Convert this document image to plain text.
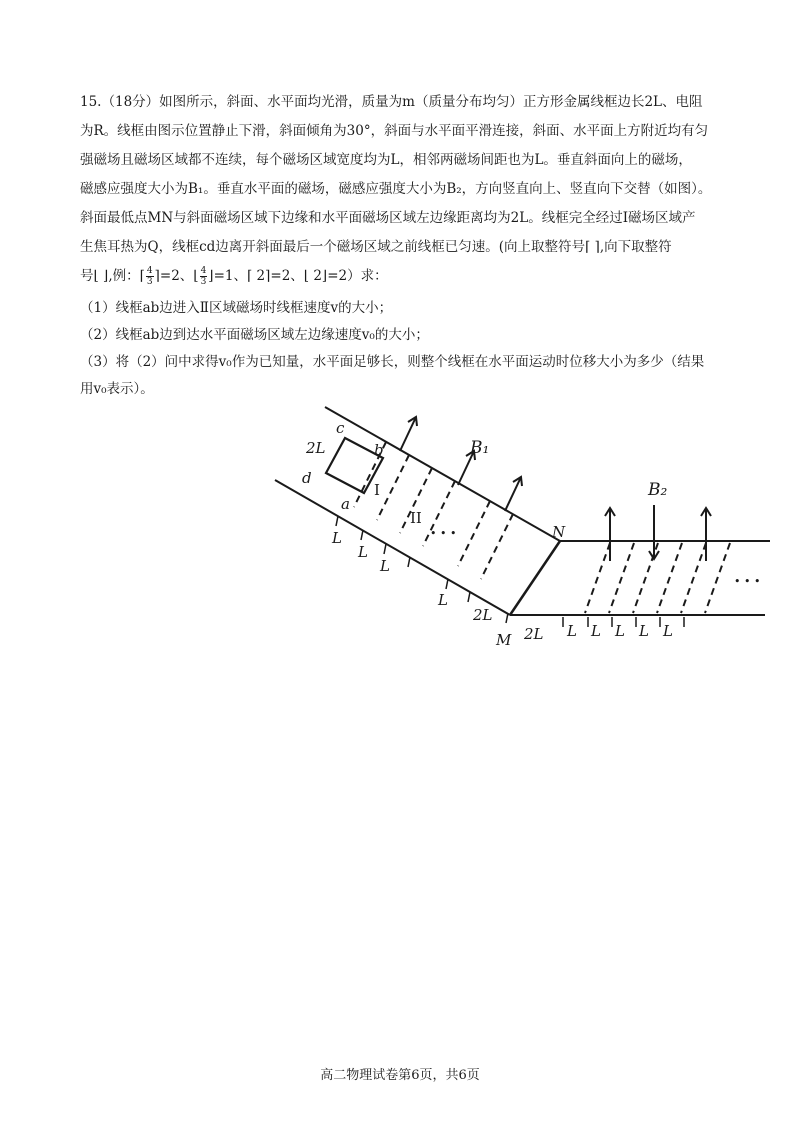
15.（18分）如图所示，斜面、水平面均光滑，质量为m（质量分布均匀）正方形金属线框边长2L、电阻

为R。线框由图示位置静止下滑，斜面倾角为30°，斜面与水平面平滑连接，斜面、水平面上方附近均有匀

强磁场且磁场区域都不连续，每个磁场区域宽度均为L，相邻两磁场间距也为L。垂直斜面向上的磁场，

磁感应强度大小为B₁。垂直水平面的磁场，磁感应强度大小为B₂，方向竖直向上、竖直向下交替（如图）。

斜面最低点MN与斜面磁场区域下边缘和水平面磁场区域左边缘距离均为2L。线框完全经过Ⅰ磁场区域产

生焦耳热为Q，线框cd边离开斜面最后一个磁场区域之前线框已匀速。(向上取整符号⌈ ⌉,向下取整符

号⌊ ⌋,例：⌈ $\frac{4}{3}$ ⌉=2、⌊ $\frac{4}{3}$ ⌋=1、⌈ 2⌉=2、⌊ 2⌋=2）求：

（1）线框ab边进入Ⅱ区域磁场时线框速度v的大小；

（2）线框ab边到达水平面磁场区域左边缘速度v₀的大小；

（3）将（2）问中求得v₀作为已知量，水平面足够长，则整个线框在水平面运动时位移大小为多少（结果

用v₀表示）。

c
b
d
a
2L
L
L
L
L
2L
2L L L L L L
N
M
B₁
B₂
I
II
• • •
• • •
高二物理试卷第6页，共6页
